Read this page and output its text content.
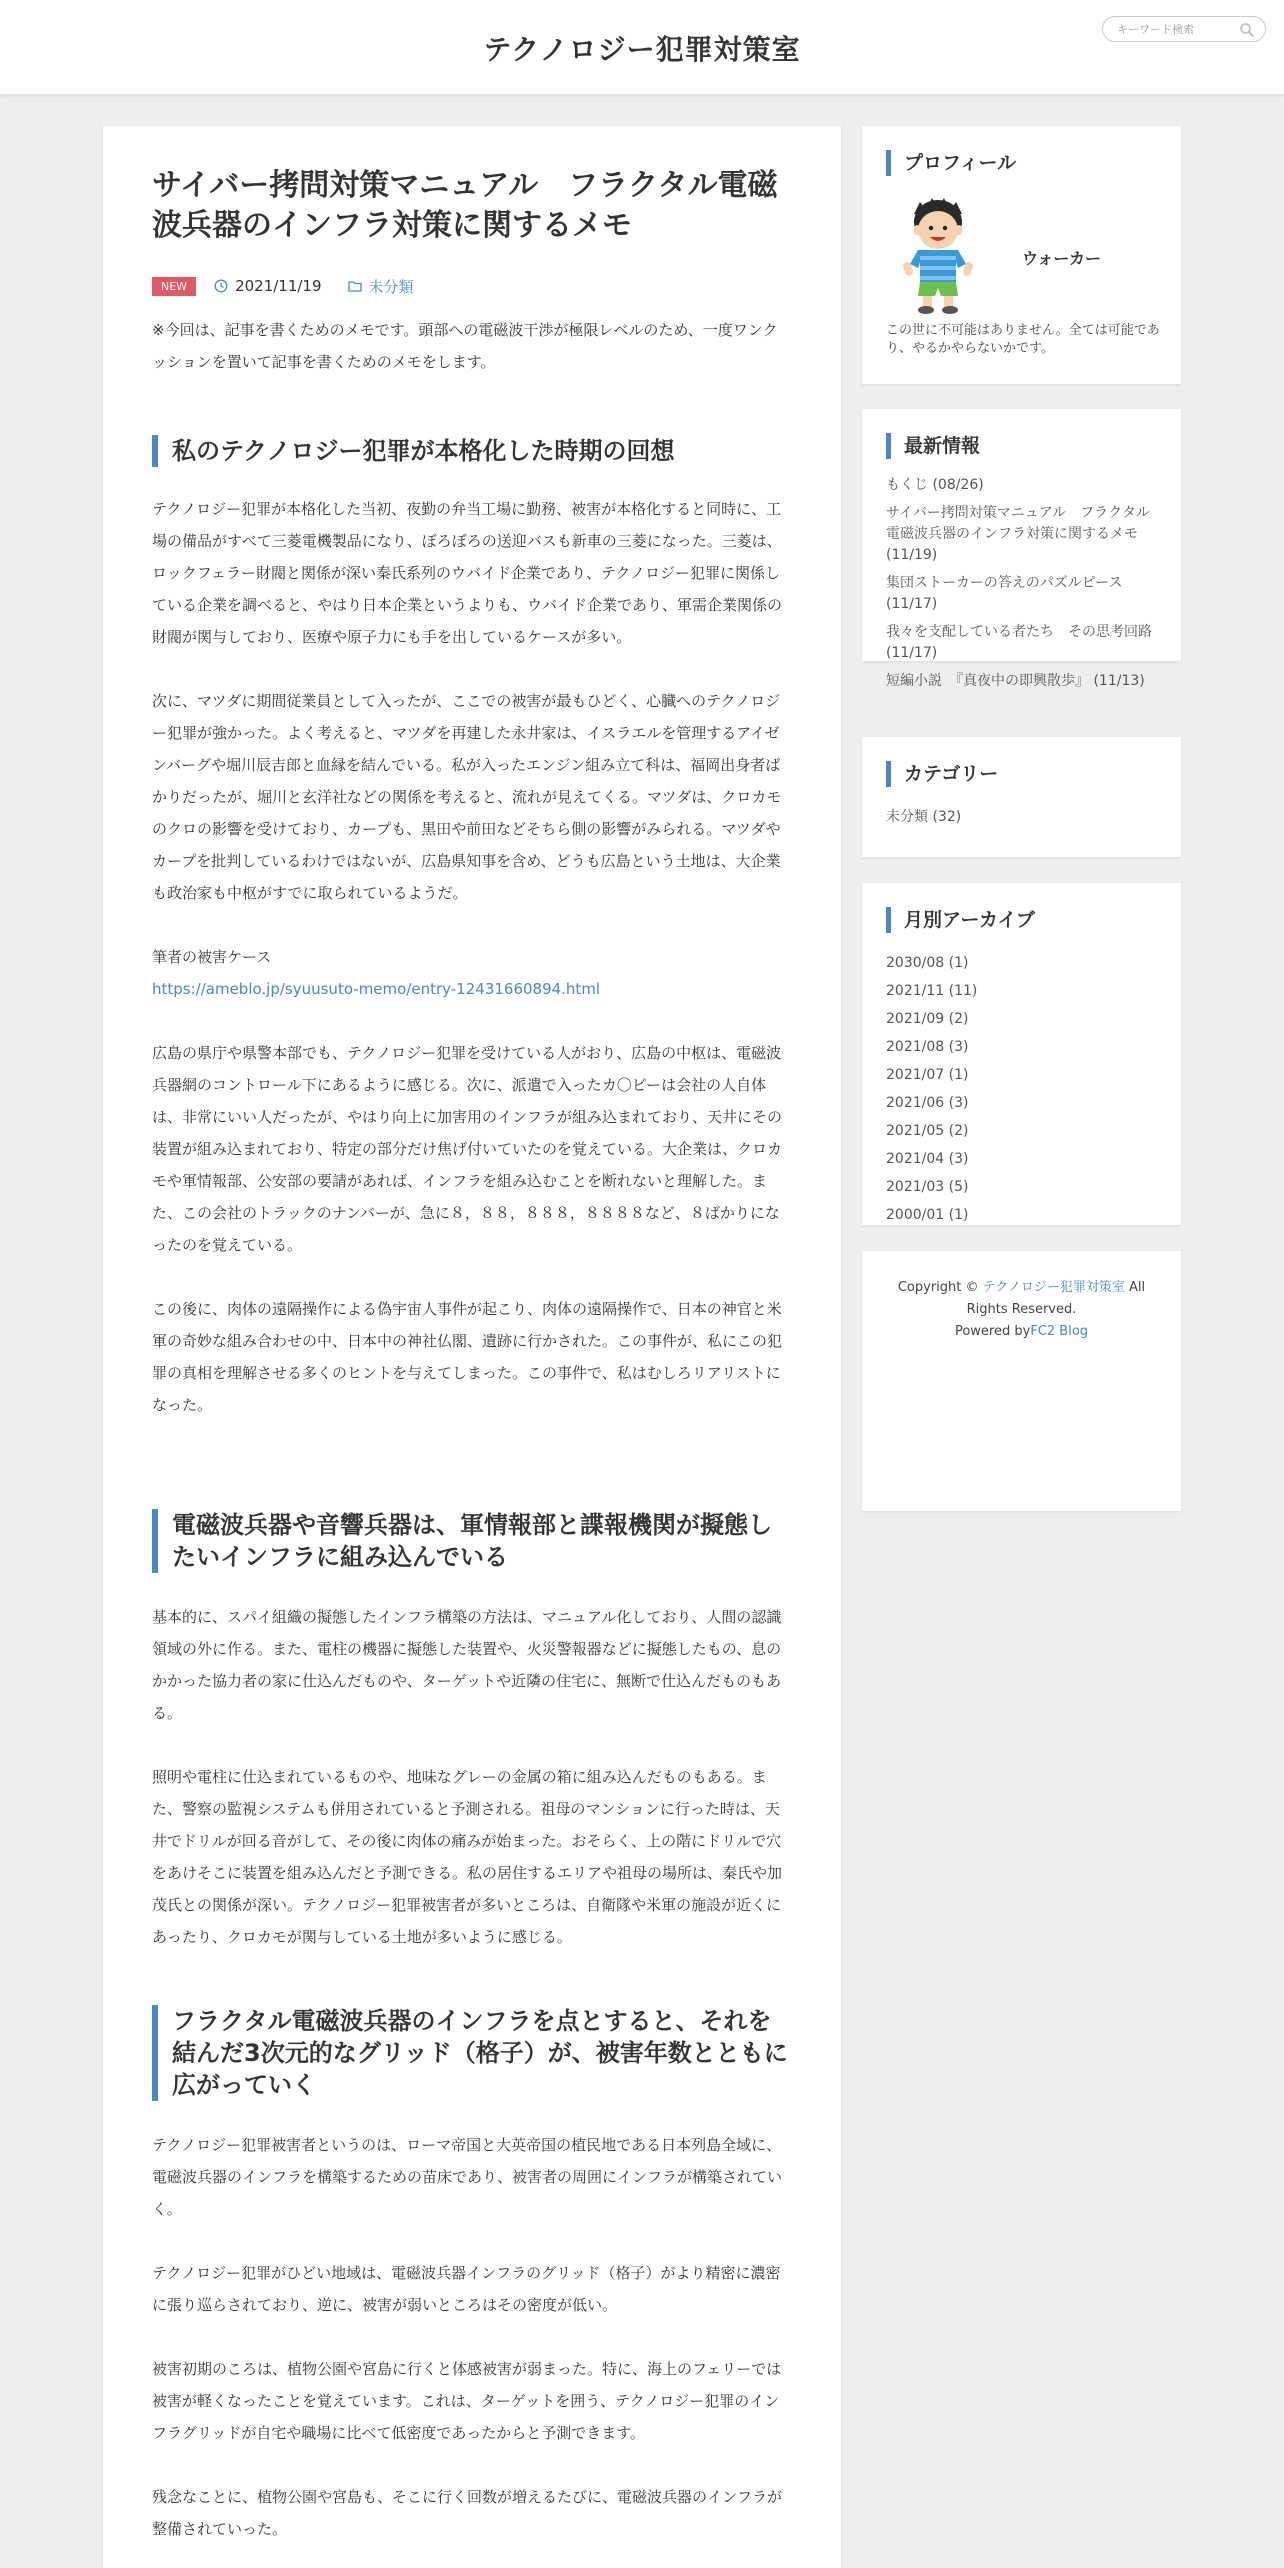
テクノロジー犯罪対策室
キーワード検索
サイバー拷問対策マニュアル　フラクタル電磁波兵器のインフラ対策に関するメモ
NEW	2021/11/19	未分類

※今回は、記事を書くためのメモです。頭部への電磁波干渉が極限レベルのため、一度ワンクッションを置いて記事を書くためのメモをします。

私のテクノロジー犯罪が本格化した時期の回想

テクノロジー犯罪が本格化した当初、夜勤の弁当工場に勤務、被害が本格化すると同時に、工場の備品がすべて三菱電機製品になり、ぼろぼろの送迎バスも新車の三菱になった。三菱は、ロックフェラー財閥と関係が深い秦氏系列のウバイド企業であり、テクノロジー犯罪に関係している企業を調べると、やはり日本企業というよりも、ウバイド企業であり、軍需企業関係の財閥が関与しており、医療や原子力にも手を出しているケースが多い。

次に、マツダに期間従業員として入ったが、ここでの被害が最もひどく、心臓へのテクノロジー犯罪が強かった。よく考えると、マツダを再建した永井家は、イスラエルを管理するアイゼンバーグや堀川辰吉郎と血縁を結んでいる。私が入ったエンジン組み立て科は、福岡出身者ばかりだったが、堀川と玄洋社などの関係を考えると、流れが見えてくる。マツダは、クロカモのクロの影響を受けており、カープも、黒田や前田などそちら側の影響がみられる。マツダやカープを批判しているわけではないが、広島県知事を含め、どうも広島という土地は、大企業も政治家も中枢がすでに取られているようだ。

筆者の被害ケース

https://ameblo.jp/syuusuto-memo/entry-12431660894.html

広島の県庁や県警本部でも、テクノロジー犯罪を受けている人がおり、広島の中枢は、電磁波兵器網のコントロール下にあるように感じる。次に、派遣で入ったカ〇ビーは会社の人自体は、非常にいい人だったが、やはり向上に加害用のインフラが組み込まれており、天井にその装置が組み込まれており、特定の部分だけ焦げ付いていたのを覚えている。大企業は、クロカモや軍情報部、公安部の要請があれば、インフラを組み込むことを断れないと理解した。また、この会社のトラックのナンバーが、急に８，８８，８８８，８８８８など、８ばかりになったのを覚えている。

この後に、肉体の遠隔操作による偽宇宙人事件が起こり、肉体の遠隔操作で、日本の神官と米軍の奇妙な組み合わせの中、日本中の神社仏閣、遺跡に行かされた。この事件が、私にこの犯罪の真相を理解させる多くのヒントを与えてしまった。この事件で、私はむしろリアリストになった。

電磁波兵器や音響兵器は、軍情報部と諜報機関が擬態したいインフラに組み込んでいる

基本的に、スパイ組織の擬態したインフラ構築の方法は、マニュアル化しており、人間の認識領域の外に作る。また、電柱の機器に擬態した装置や、火災警報器などに擬態したもの、息のかかった協力者の家に仕込んだものや、ターゲットや近隣の住宅に、無断で仕込んだものもある。

照明や電柱に仕込まれているものや、地味なグレーの金属の箱に組み込んだものもある。また、警察の監視システムも併用されていると予測される。祖母のマンションに行った時は、天井でドリルが回る音がして、その後に肉体の痛みが始まった。おそらく、上の階にドリルで穴をあけそこに装置を組み込んだと予測できる。私の居住するエリアや祖母の場所は、秦氏や加茂氏との関係が深い。テクノロジー犯罪被害者が多いところは、自衛隊や米軍の施設が近くにあったり、クロカモが関与している土地が多いように感じる。

フラクタル電磁波兵器のインフラを点とすると、それを結んだ3次元的なグリッド（格子）が、被害年数とともに広がっていく

テクノロジー犯罪被害者というのは、ローマ帝国と大英帝国の植民地である日本列島全域に、電磁波兵器のインフラを構築するための苗床であり、被害者の周囲にインフラが構築されていく。

テクノロジー犯罪がひどい地域は、電磁波兵器インフラのグリッド（格子）がより精密に濃密に張り巡らされており、逆に、被害が弱いところはその密度が低い。

被害初期のころは、植物公園や宮島に行くと体感被害が弱まった。特に、海上のフェリーでは被害が軽くなったことを覚えています。これは、ターゲットを囲う、テクノロジー犯罪のインフラグリッドが自宅や職場に比べて低密度であったからと予測できます。

残念なことに、植物公園や宮島も、そこに行く回数が増えるたびに、電磁波兵器のインフラが整備されていった。

プロフィール
ウォーカー
この世に不可能はありません。全ては可能であり、やるかやらないかです。
最新情報
もくじ (08/26)
サイバー拷問対策マニュアル　フラクタル電磁波兵器のインフラ対策に関するメモ　(11/19)
集団ストーカーの答えのパズルピース (11/17)
我々を支配している者たち　その思考回路 (11/17)
短編小説　『真夜中の即興散歩』 (11/13)
カテゴリー
未分類 (32)
月別アーカイブ
2030/08 (1)
2021/11 (11)
2021/09 (2)
2021/08 (3)
2021/07 (1)
2021/06 (3)
2021/05 (2)
2021/04 (3)
2021/03 (5)
2000/01 (1)
Copyright © テクノロジー犯罪対策室 All Rights Reserved.
Powered byFC2 Blog
